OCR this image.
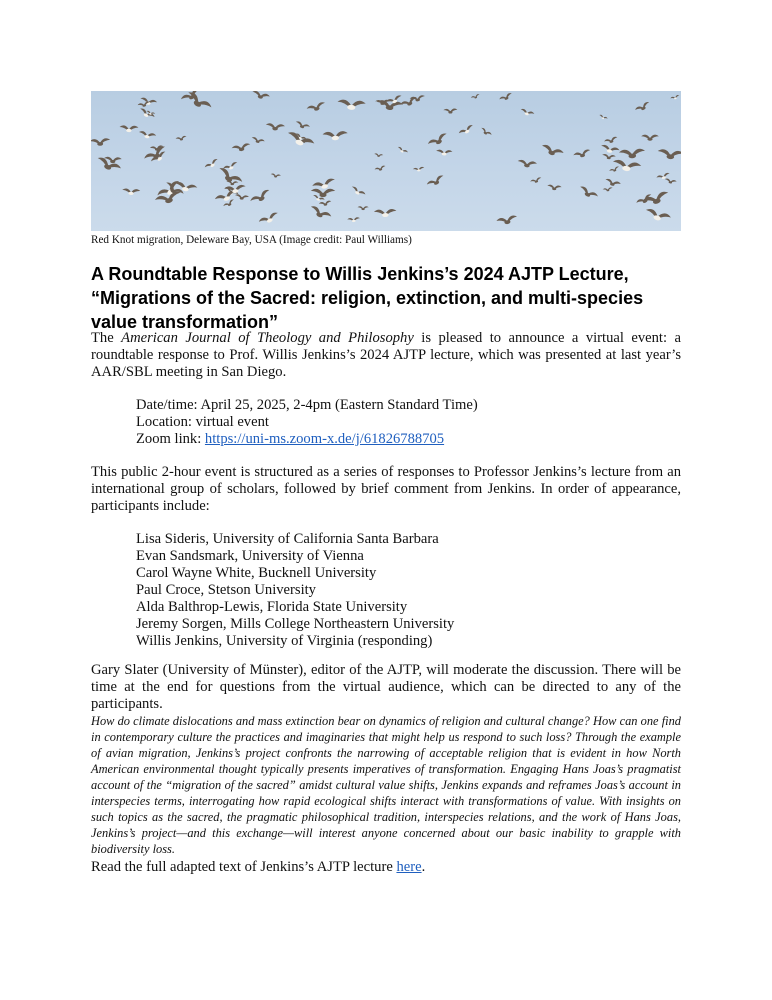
Red Knot migration, Deleware Bay, USA (Image credit: Paul Williams)
A Roundtable Response to Willis Jenkins’s 2024 AJTP Lecture, “Migrations of the Sacred: religion, extinction, and multi-species value transformation”

The American Journal of Theology and Philosophy is pleased to announce a virtual event: a roundtable response to Prof. Willis Jenkins’s 2024 AJTP lecture, which was presented at last year’s AAR/SBL meeting in San Diego.

Date/time: April 25, 2025, 2-4pm (Eastern Standard Time)
Location: virtual event
Zoom link: https://uni-ms.zoom-x.de/j/61826788705

This public 2-hour event is structured as a series of responses to Professor Jenkins’s lecture from an international group of scholars, followed by brief comment from Jenkins. In order of appearance, participants include:

Lisa Sideris, University of California Santa Barbara
Evan Sandsmark, University of Vienna
Carol Wayne White, Bucknell University
Paul Croce, Stetson University
Alda Balthrop-Lewis, Florida State University
Jeremy Sorgen, Mills College Northeastern University
Willis Jenkins, University of Virginia (responding)

Gary Slater (University of Münster), editor of the AJTP, will moderate the discussion. There will be time at the end for questions from the virtual audience, which can be directed to any of the participants.

How do climate dislocations and mass extinction bear on dynamics of religion and cultural change? How can one find in contemporary culture the practices and imaginaries that might help us respond to such loss? Through the example of avian migration, Jenkins’s project confronts the narrowing of acceptable religion that is evident in how North American environmental thought typically presents imperatives of transformation. Engaging Hans Joas’s pragmatist account of the “migration of the sacred” amidst cultural value shifts, Jenkins expands and reframes Joas’s account in interspecies terms, interrogating how rapid ecological shifts interact with transformations of value. With insights on such topics as the sacred, the pragmatic philosophical tradition, interspecies relations, and the work of Hans Joas, Jenkins’s project—and this exchange—will interest anyone concerned about our basic inability to grapple with biodiversity loss.

Read the full adapted text of Jenkins’s AJTP lecture here.
